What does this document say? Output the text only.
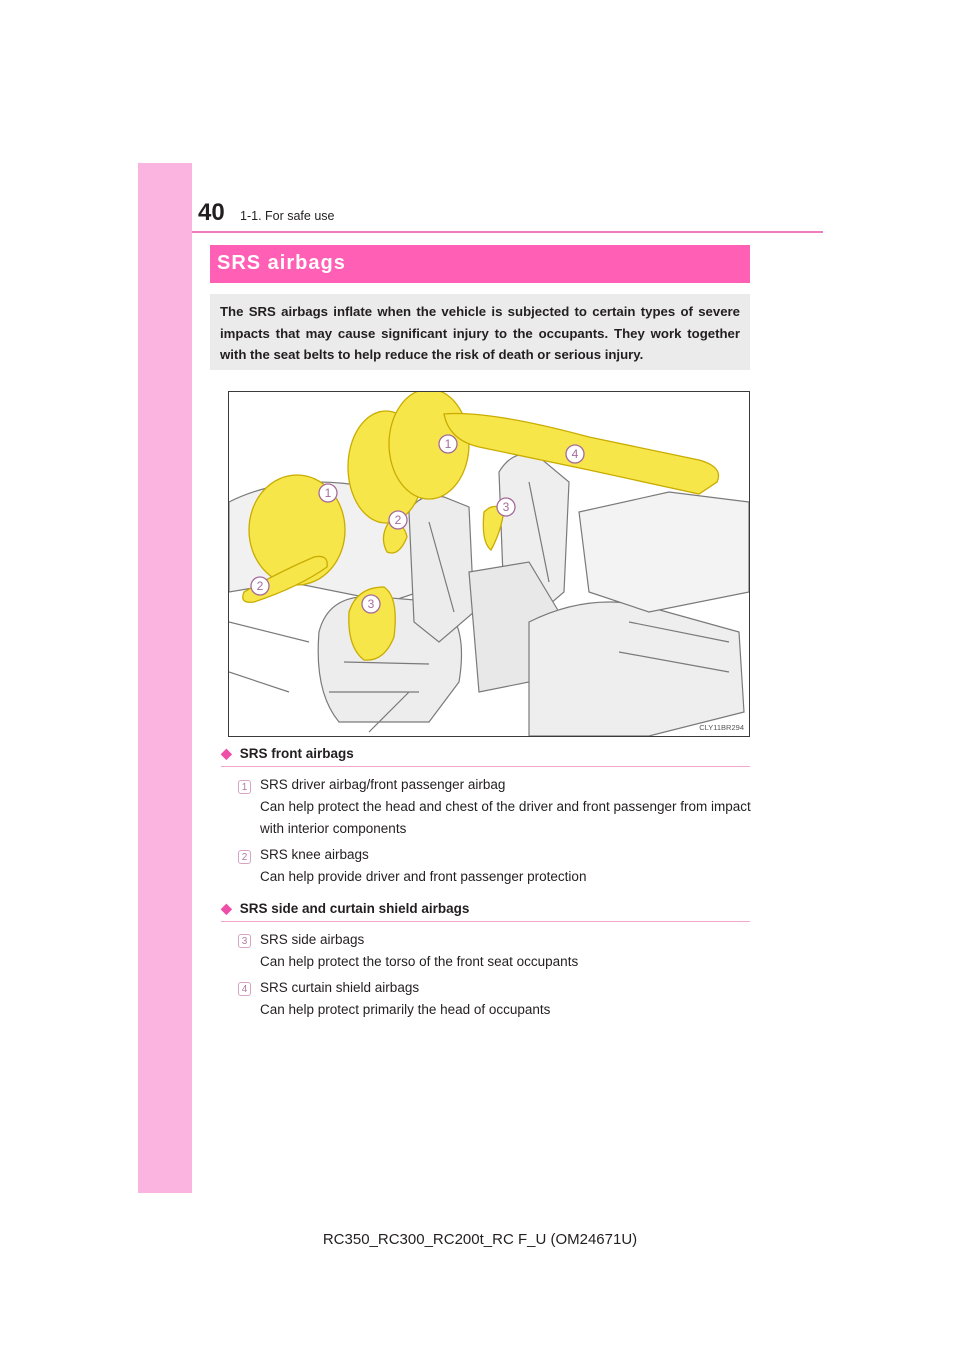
40 1-1. For safe use
SRS airbags
The SRS airbags inflate when the vehicle is subjected to certain types of severe impacts that may cause significant injury to the occupants. They work together with the seat belts to help reduce the risk of death or serious injury.
1
1
2
2
3
3
4
CLY11BR294
◆ SRS front airbags
1 SRS driver airbag/front passenger airbag
Can help protect the head and chest of the driver and front passenger from impact with interior components
2 SRS knee airbags
Can help provide driver and front passenger protection
◆ SRS side and curtain shield airbags
3 SRS side airbags
Can help protect the torso of the front seat occupants
4 SRS curtain shield airbags
Can help protect primarily the head of occupants
RC350_RC300_RC200t_RC F_U (OM24671U)
